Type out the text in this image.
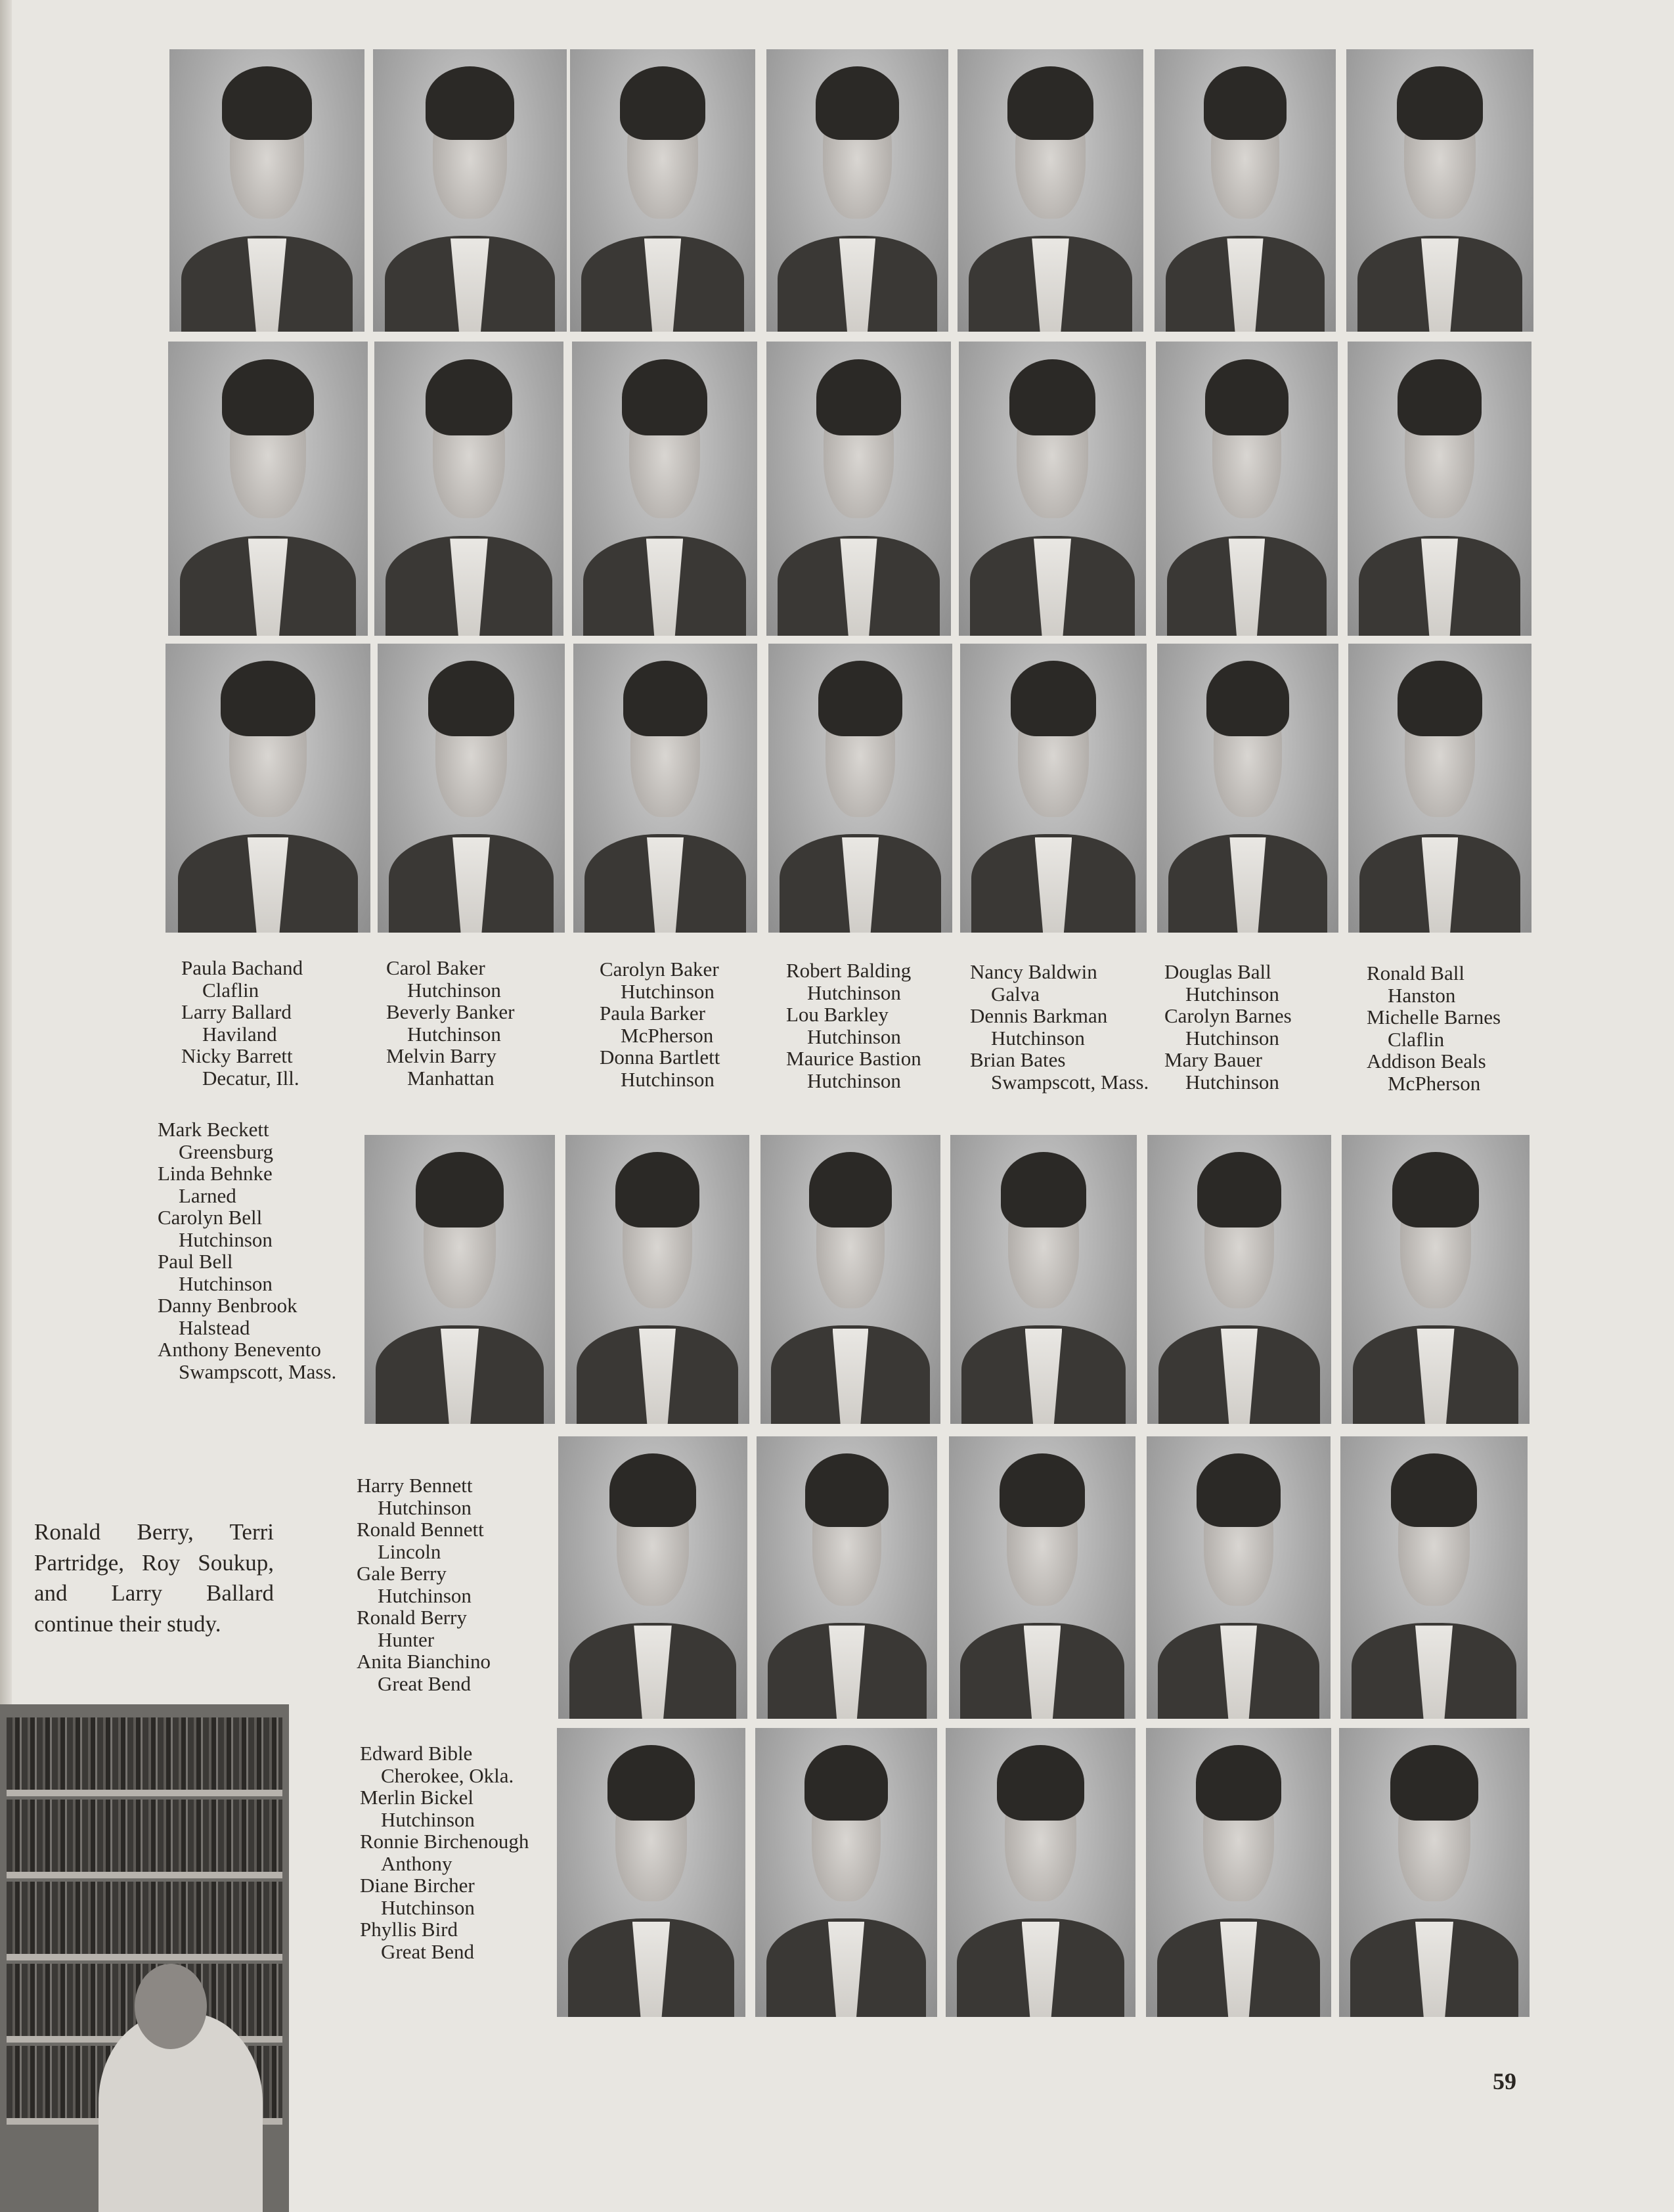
Paula Bachand
Claflin
Larry Ballard
Haviland
Nicky Barrett
Decatur, Ill.
Carol Baker
Hutchinson
Beverly Banker
Hutchinson
Melvin Barry
Manhattan
Carolyn Baker
Hutchinson
Paula Barker
McPherson
Donna Bartlett
Hutchinson
Robert Balding
Hutchinson
Lou Barkley
Hutchinson
Maurice Bastion
Hutchinson
Nancy Baldwin
Galva
Dennis Barkman
Hutchinson
Brian Bates
Swampscott, Mass.
Douglas Ball
Hutchinson
Carolyn Barnes
Hutchinson
Mary Bauer
Hutchinson
Ronald Ball
Hanston
Michelle Barnes
Claflin
Addison Beals
McPherson
Mark Beckett
Greensburg
Linda Behnke
Larned
Carolyn Bell
Hutchinson
Paul Bell
Hutchinson
Danny Benbrook
Halstead
Anthony Benevento
Swampscott, Mass.
Harry Bennett
Hutchinson
Ronald Bennett
Lincoln
Gale Berry
Hutchinson
Ronald Berry
Hunter
Anita Bianchino
Great Bend
Edward Bible
Cherokee, Okla.
Merlin Bickel
Hutchinson
Ronnie Birchenough
Anthony
Diane Bircher
Hutchinson
Phyllis Bird
Great Bend
Ronald Berry, Terri Partridge, Roy Soukup, and Larry Ballard continue their study.
59
